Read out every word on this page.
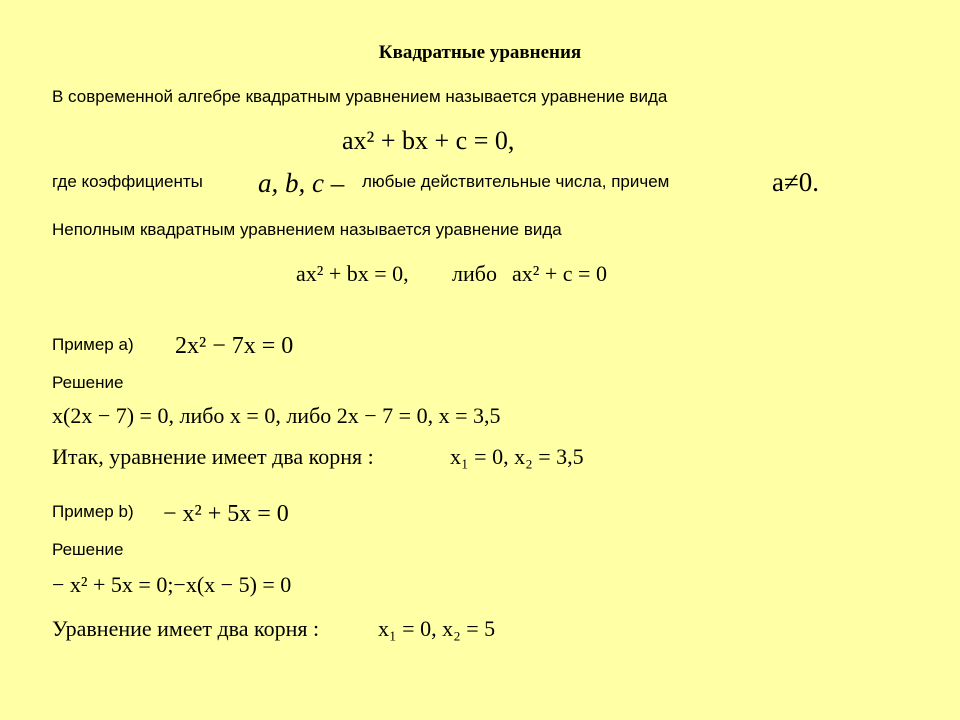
Квадратные уравнения
В современной алгебре квадратным уравнением называется уравнение вида
ax² + bx + c = 0,
где коэффициенты a, b, c – любые действительные числа, причем	a≠0.
Неполным квадратным уравнением называется уравнение вида
ax² + bx = 0, либо ax² + c = 0
Пример а) 2x² − 7x = 0
Решение
x(2x − 7) = 0, либо x = 0, либо 2x − 7 = 0, x = 3,5
Итак, уравнение имеет два корня :	x₁ = 0, x₂ = 3,5
Пример b) − x² + 5x = 0
Решение
− x² + 5x = 0;−x(x − 5) = 0
Уравнение имеет два корня :	x₁ = 0, x₂ = 5
